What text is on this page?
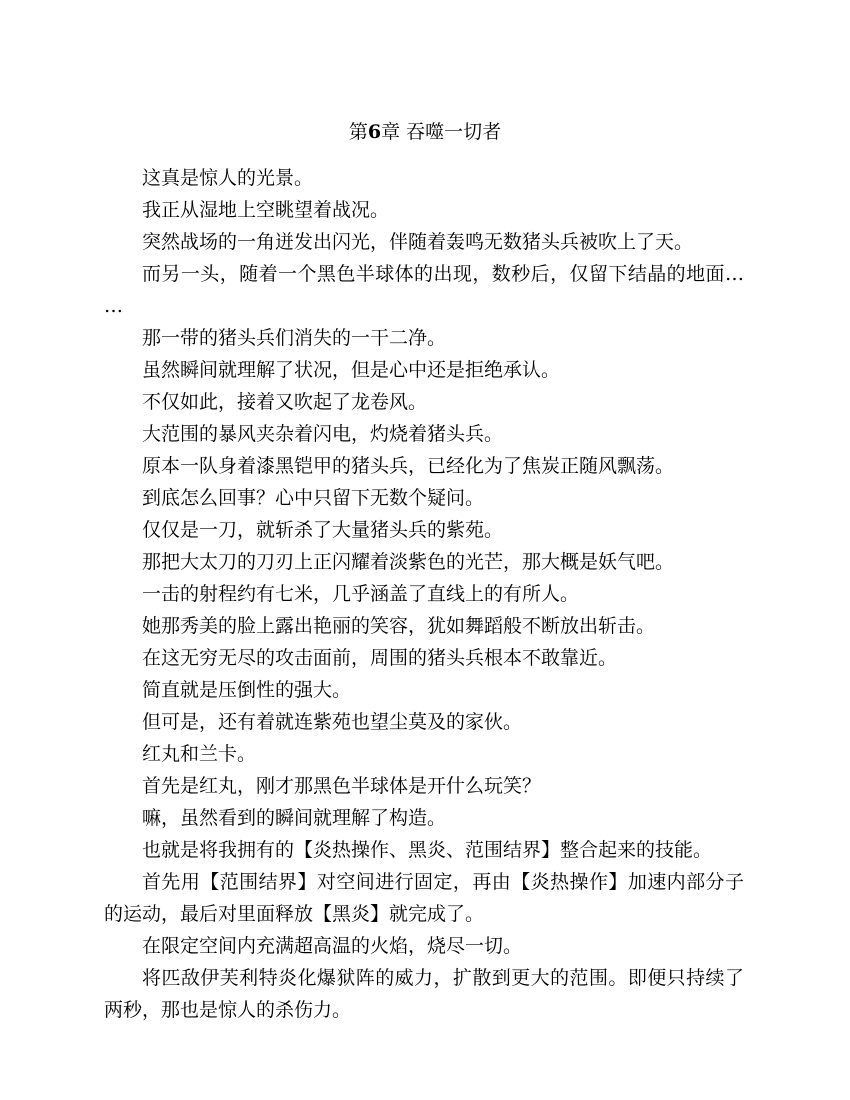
第6章 吞噬一切者

这真是惊人的光景。

我正从湿地上空眺望着战况。

突然战场的一角迸发出闪光，伴随着轰鸣无数猪头兵被吹上了天。

而另一头，随着一个黑色半球体的出现，数秒后，仅留下结晶的地面……

那一带的猪头兵们消失的一干二净。

虽然瞬间就理解了状况，但是心中还是拒绝承认。

不仅如此，接着又吹起了龙卷风。

大范围的暴风夹杂着闪电，灼烧着猪头兵。

原本一队身着漆黑铠甲的猪头兵，已经化为了焦炭正随风飘荡。

到底怎么回事？心中只留下无数个疑问。

仅仅是一刀，就斩杀了大量猪头兵的紫苑。

那把大太刀的刀刃上正闪耀着淡紫色的光芒，那大概是妖气吧。

一击的射程约有七米，几乎涵盖了直线上的有所人。

她那秀美的脸上露出艳丽的笑容，犹如舞蹈般不断放出斩击。

在这无穷无尽的攻击面前，周围的猪头兵根本不敢靠近。

简直就是压倒性的强大。

但可是，还有着就连紫苑也望尘莫及的家伙。

红丸和兰卡。

首先是红丸，刚才那黑色半球体是开什么玩笑？

嘛，虽然看到的瞬间就理解了构造。

也就是将我拥有的【炎热操作、黑炎、范围结界】整合起来的技能。

首先用【范围结界】对空间进行固定，再由【炎热操作】加速内部分子的运动，最后对里面释放【黑炎】就完成了。

在限定空间内充满超高温的火焰，烧尽一切。

将匹敌伊芙利特炎化爆狱阵的威力，扩散到更大的范围。即便只持续了两秒，那也是惊人的杀伤力。
